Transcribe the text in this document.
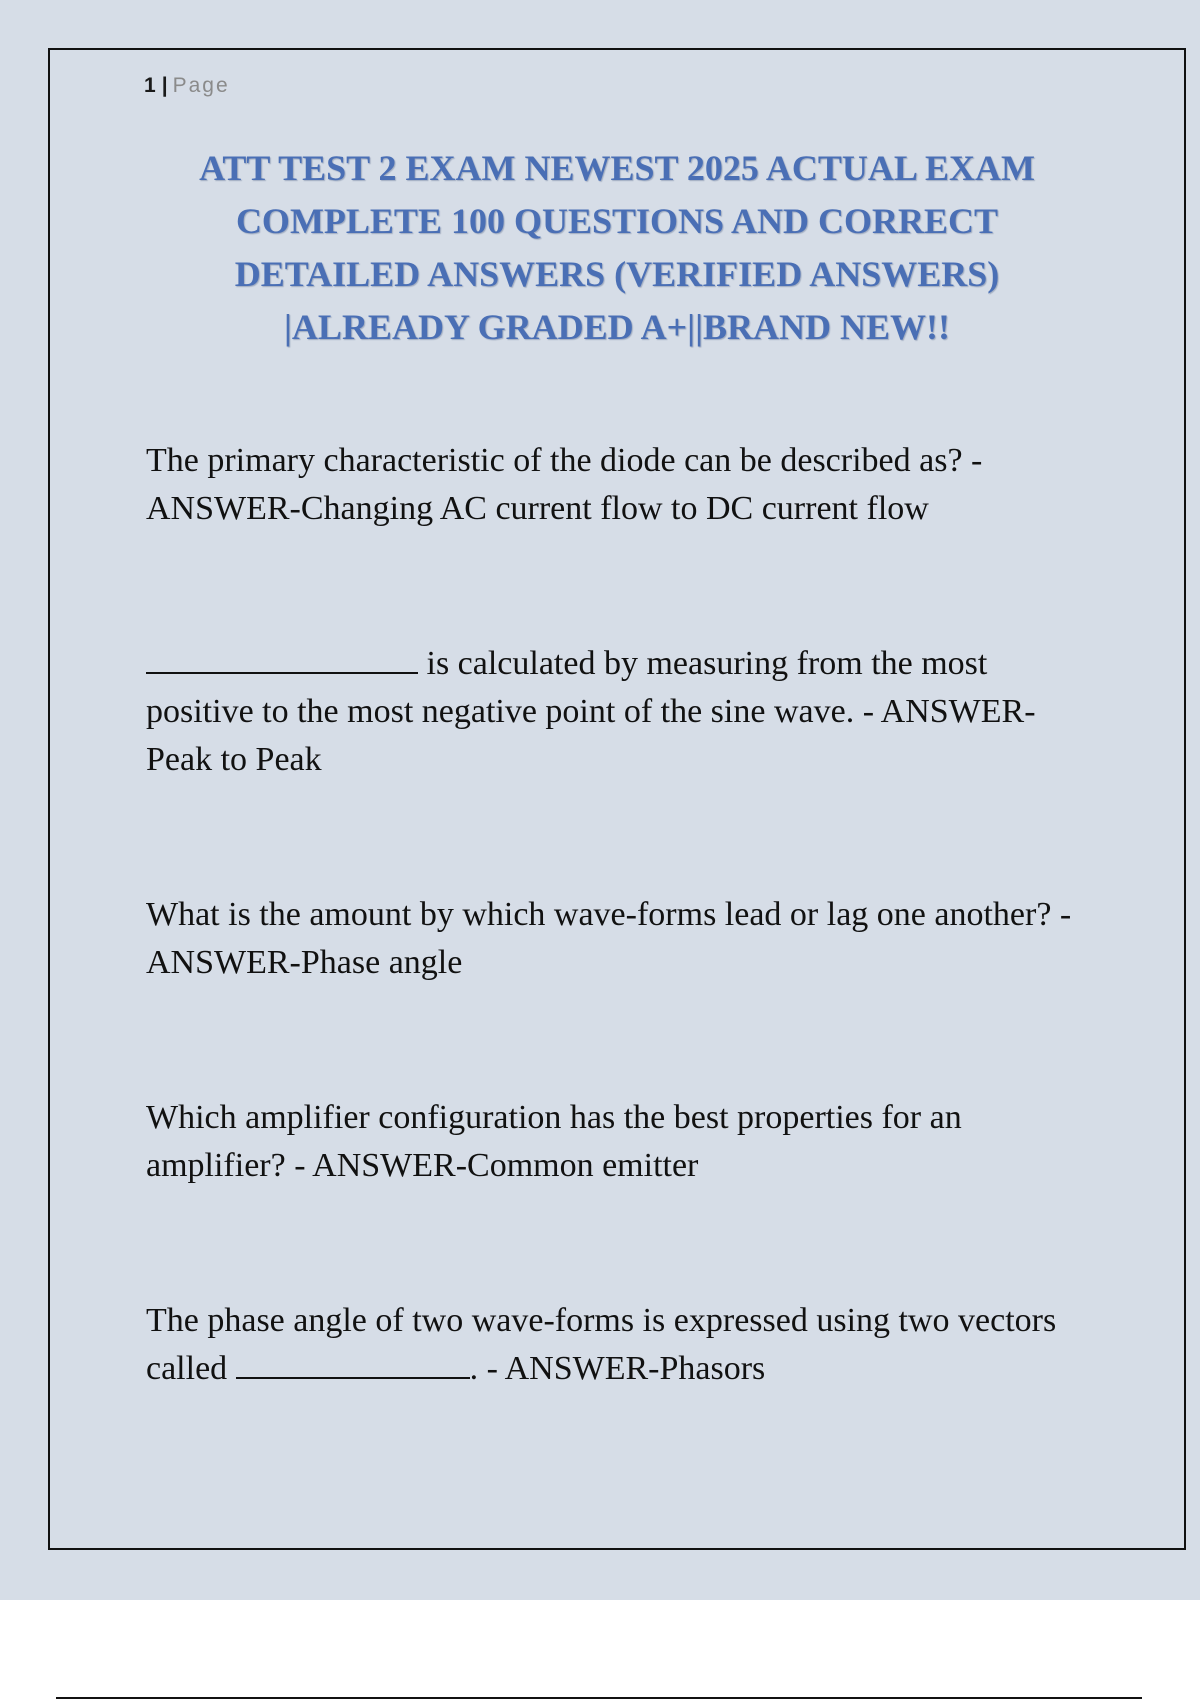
1 | Page
ATT TEST 2 EXAM NEWEST 2025 ACTUAL EXAM
COMPLETE 100 QUESTIONS AND CORRECT
DETAILED ANSWERS (VERIFIED ANSWERS)
|ALREADY GRADED A+||BRAND NEW!!

The primary characteristic of the diode can be described as? - ANSWER-Changing AC current flow to DC current flow

is calculated by measuring from the most positive to the most negative point of the sine wave. - ANSWER-Peak to Peak

What is the amount by which wave-forms lead or lag one another? - ANSWER-Phase angle

Which amplifier configuration has the best properties for an amplifier? - ANSWER-Common emitter

The phase angle of two wave-forms is expressed using two vectors called	. - ANSWER-Phasors
